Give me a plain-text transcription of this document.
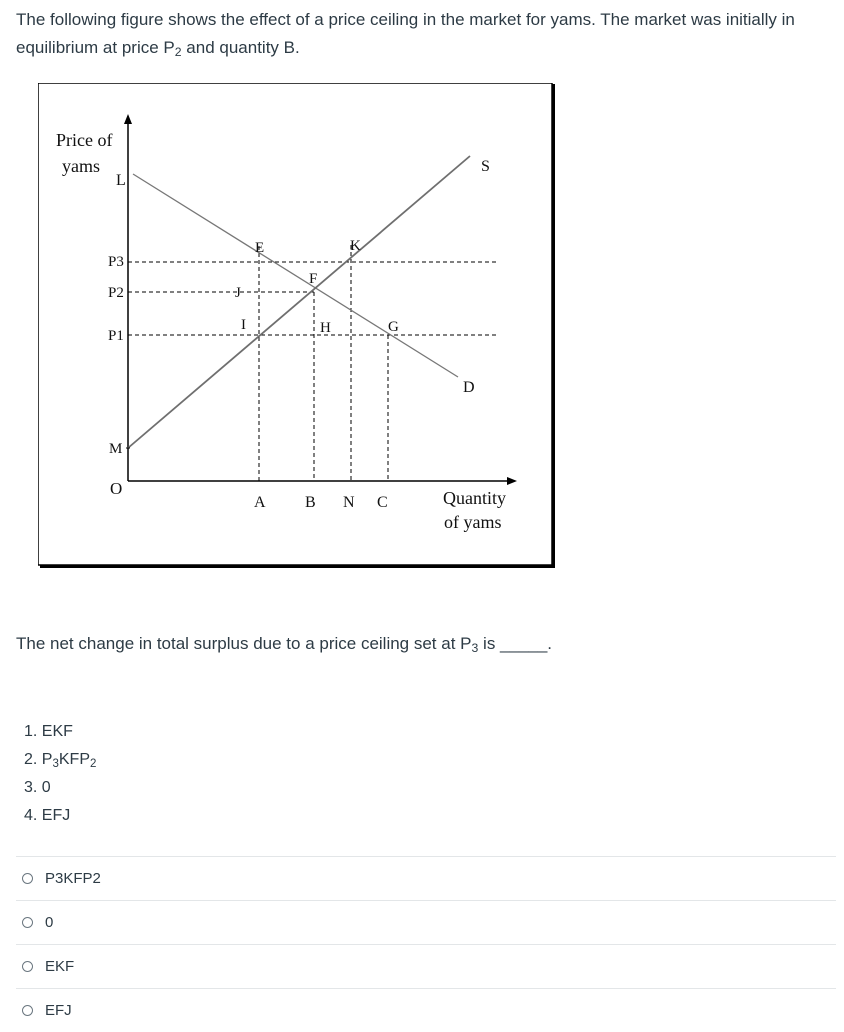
The following figure shows the effect of a price ceiling in the market for yams. The market was initially in equilibrium at price $P_2$ and quantity B.

Price of
yams
L
P3
P2
P1
M
O
E	K
F
J
I	H	G
S
D
A B N C	Quantity
of yams

The net change in total surplus due to a price ceiling set at $P_3$ is _____.

1. EKF
2. $P_3KFP_2$
3. 0
4. EFJ
P3KFP2
0
EKF
EFJ
